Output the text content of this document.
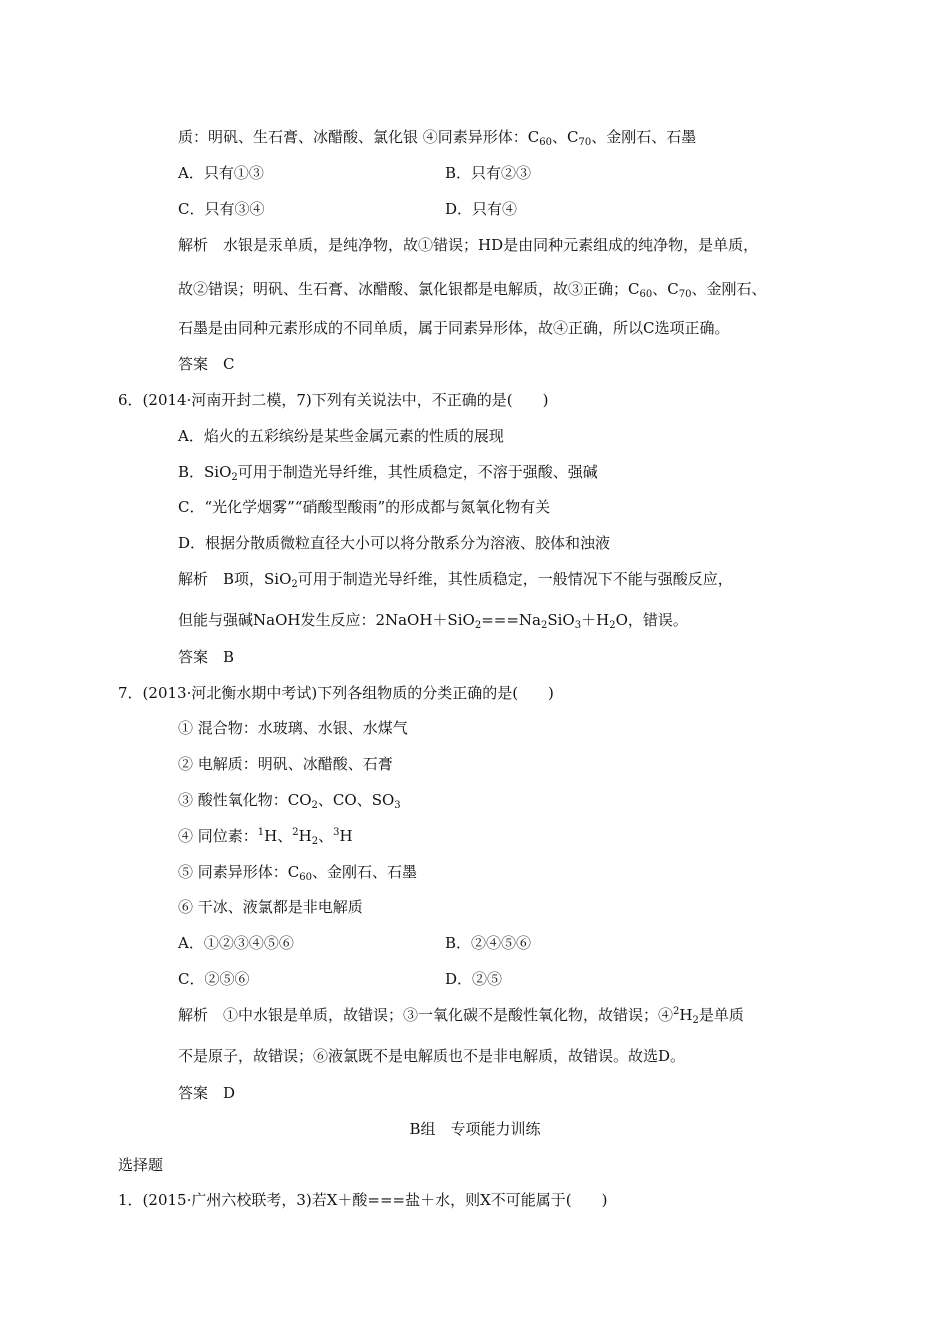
质：明矾、生石膏、冰醋酸、氯化银 ④同素异形体：$C_{60}$、$C_{70}$、金刚石、石墨
A．只有①③	B．只有②③
C．只有③④	D．只有④
解析　水银是汞单质，是纯净物，故①错误；HD是由同种元素组成的纯净物，是单质，
故②错误；明矾、生石膏、冰醋酸、氯化银都是电解质，故③正确；$C_{60}$、$C_{70}$、金刚石、
石墨是由同种元素形成的不同单质，属于同素异形体，故④正确，所以C选项正确。
答案　C
6．(2014·河南开封二模，7)下列有关说法中，不正确的是(　　)
A．焰火的五彩缤纷是某些金属元素的性质的展现
B．SiO$_2$可用于制造光导纤维，其性质稳定，不溶于强酸、强碱
C．“光化学烟雾”“硝酸型酸雨”的形成都与氮氧化物有关
D．根据分散质微粒直径大小可以将分散系分为溶液、胶体和浊液
解析　B项，SiO$_2$可用于制造光导纤维，其性质稳定，一般情况下不能与强酸反应，
但能与强碱NaOH发生反应：$2NaOH+SiO_2===Na_2SiO_3+H_2O$，错误。
答案　B
7．(2013·河北衡水期中考试)下列各组物质的分类正确的是(　　)
① 混合物：水玻璃、水银、水煤气
② 电解质：明矾、冰醋酸、石膏
③ 酸性氧化物：$CO_2$、CO、$SO_3$
④ 同位素：$^1$H、$^2H_2$、$^3$H
⑤ 同素异形体：$C_{60}$、金刚石、石墨
⑥ 干冰、液氯都是非电解质
A．①②③④⑤⑥	B．②④⑤⑥
C．②⑤⑥	D．②⑤
解析　①中水银是单质，故错误；③一氧化碳不是酸性氧化物，故错误；$④^2H_2$是单质
不是原子，故错误；⑥液氯既不是电解质也不是非电解质，故错误。故选D。
答案　D
B组　专项能力训练
选择题
1．(2015·广州六校联考，3)若X＋酸===盐＋水，则X不可能属于(　　)
